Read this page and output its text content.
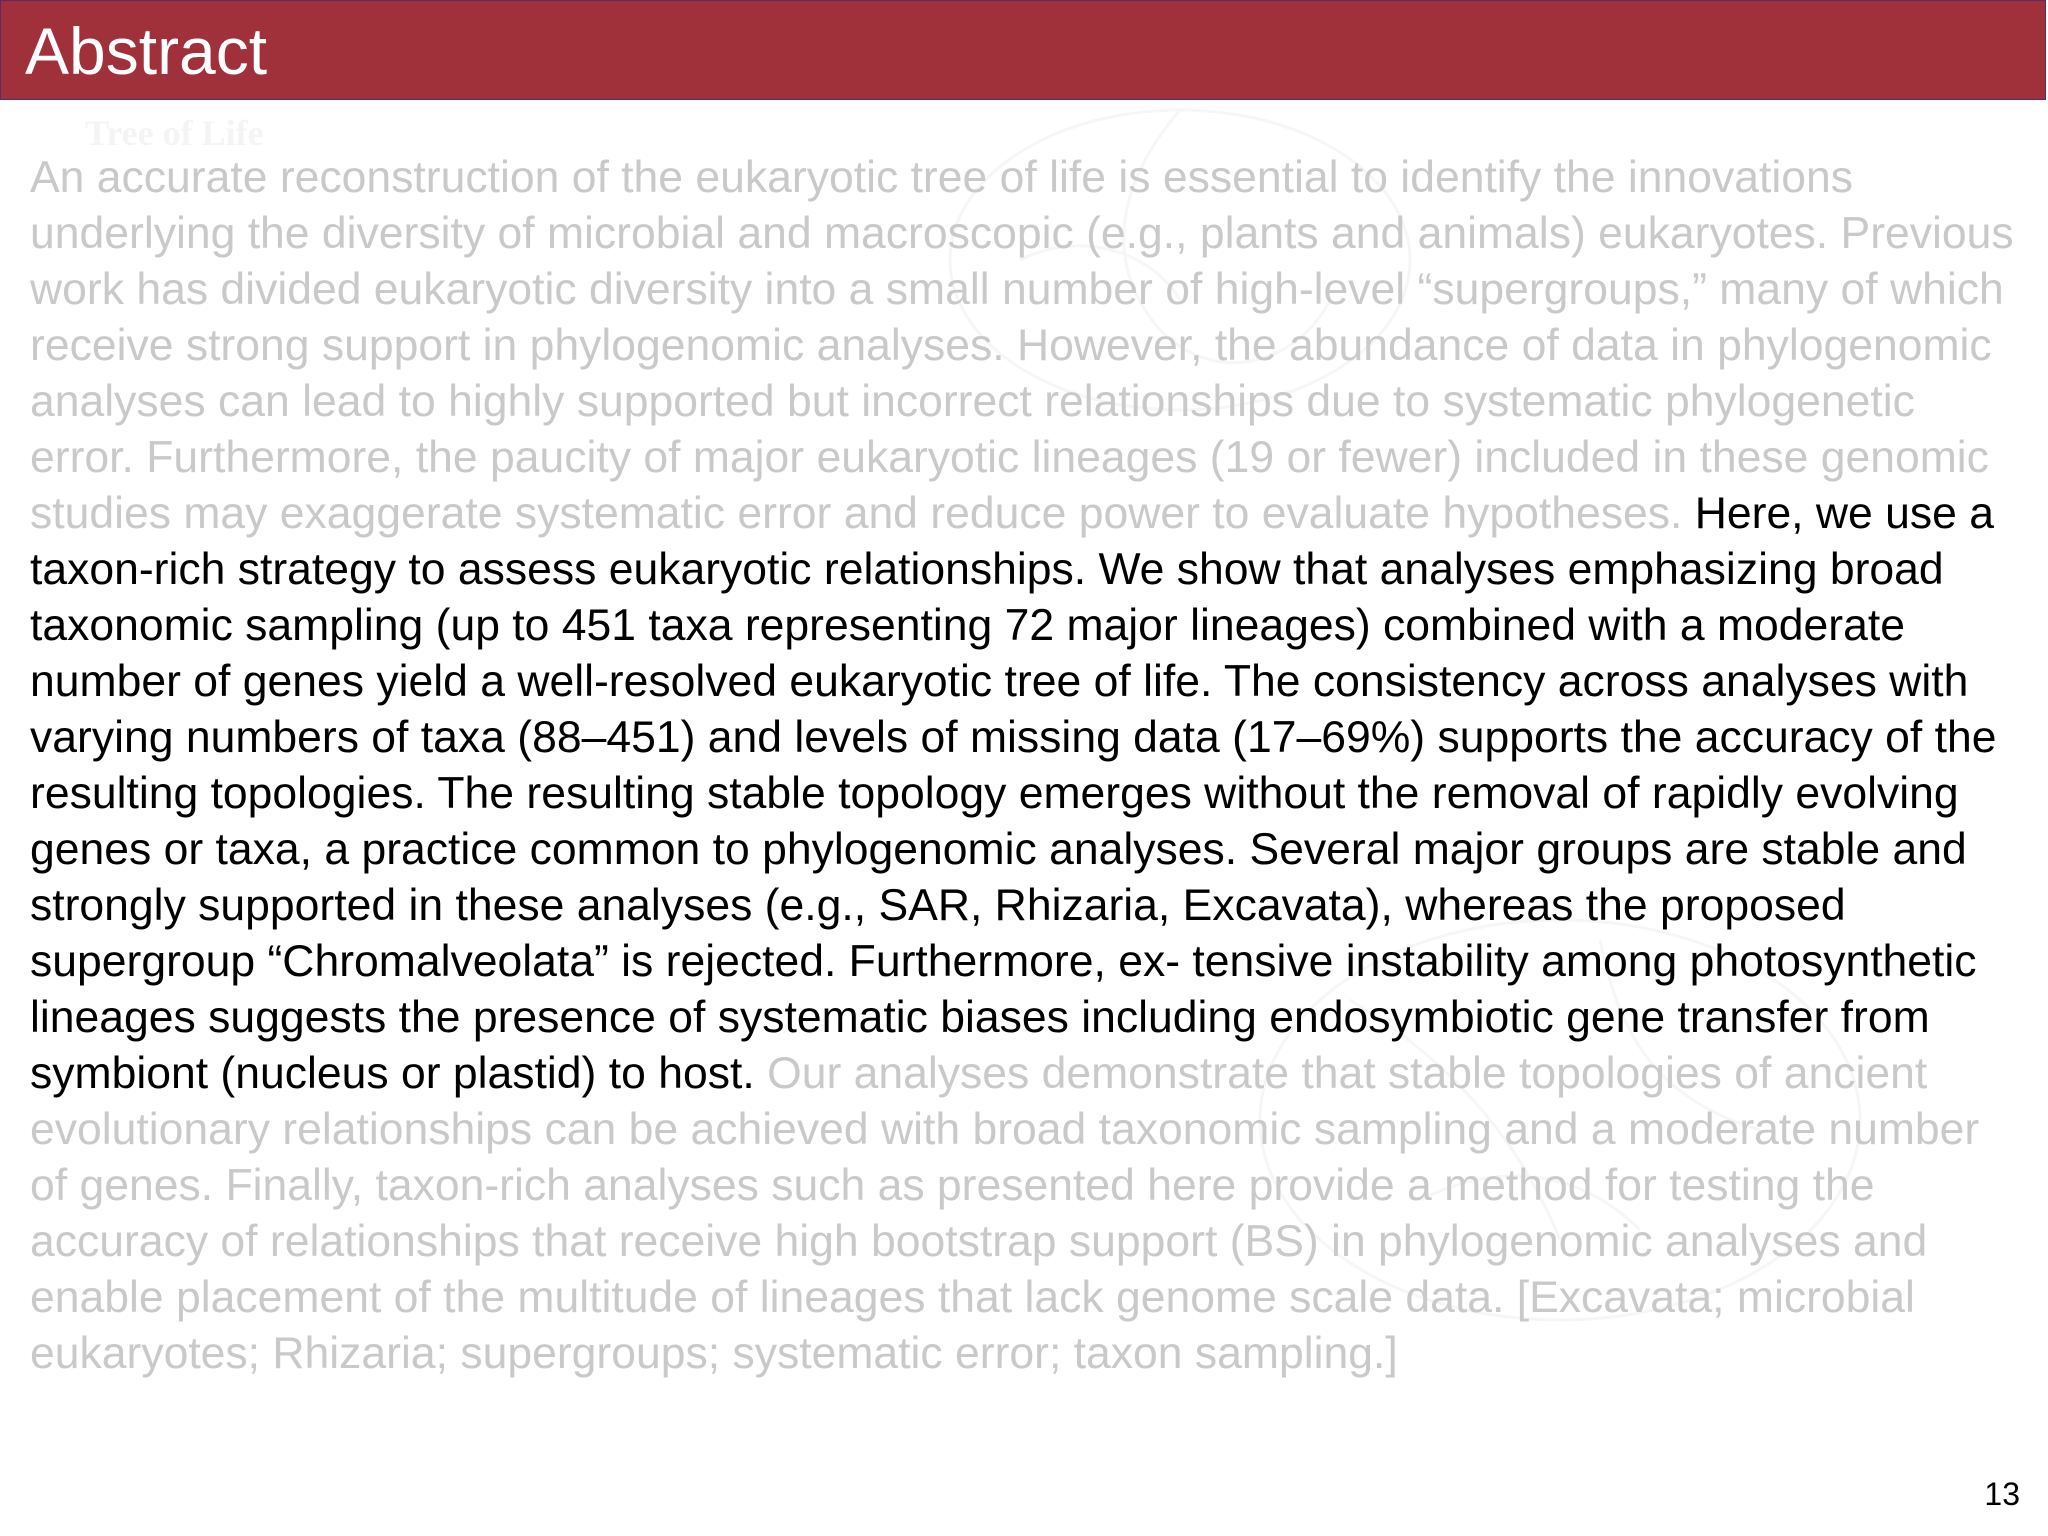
Tree of Life
Abstract

An accurate reconstruction of the eukaryotic tree of life is essential to identify the innovations underlying the diversity of microbial and macroscopic (e.g., plants and animals) eukaryotes. Previous work has divided eukaryotic diversity into a small number of high-level “supergroups,” many of which receive strong support in phylogenomic analyses. However, the abundance of data in phylogenomic analyses can lead to highly supported but incorrect relationships due to systematic phylogenetic error. Furthermore, the paucity of major eukaryotic lineages (19 or fewer) included in these genomic studies may exaggerate systematic error and reduce power to evaluate hypotheses. Here, we use a taxon-rich strategy to assess eukaryotic relationships. We show that analyses emphasizing broad taxonomic sampling (up to 451 taxa representing 72 major lineages) combined with a moderate number of genes yield a well-resolved eukaryotic tree of life. The consistency across analyses with varying numbers of taxa (88–451) and levels of missing data (17–69%) supports the accuracy of the resulting topologies. The resulting stable topology emerges without the removal of rapidly evolving genes or taxa, a practice common to phylogenomic analyses. Several major groups are stable and strongly supported in these analyses (e.g., SAR, Rhizaria, Excavata), whereas the proposed supergroup “Chromalveolata” is rejected. Furthermore, ex- tensive instability among photosynthetic lineages suggests the presence of systematic biases including endosymbiotic gene transfer from symbiont (nucleus or plastid) to host. Our analyses demonstrate that stable topologies of ancient evolutionary relationships can be achieved with broad taxonomic sampling and a moderate number of genes. Finally, taxon-rich analyses such as presented here provide a method for testing the accuracy of relationships that receive high bootstrap support (BS) in phylogenomic analyses and enable placement of the multitude of lineages that lack genome scale data. [Excavata; microbial eukaryotes; Rhizaria; supergroups; systematic error; taxon sampling.]

13
